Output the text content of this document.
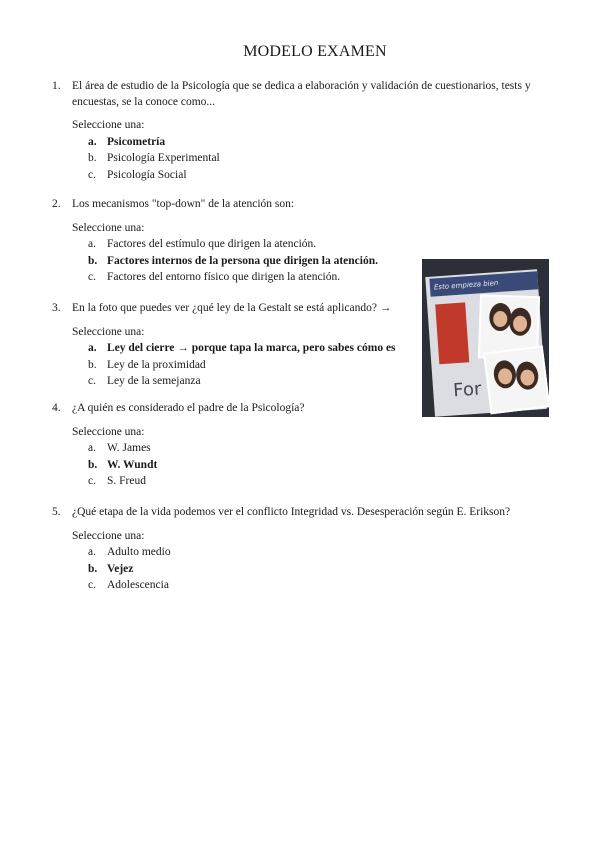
MODELO EXAMEN
1. El área de estudio de la Psicología que se dedica a elaboración y validación de cuestionarios, tests y encuestas, se la conoce como...
Seleccione una:
a. Psicometría
b. Psicología Experimental
c. Psicología Social
2. Los mecanismos "top-down" de la atención son:
Seleccione una:
a. Factores del estímulo que dirigen la atención.
b. Factores internos de la persona que dirigen la atención.
c. Factores del entorno físico que dirigen la atención.
3. En la foto que puedes ver ¿qué ley de la Gestalt se está aplicando? →
Seleccione una:
a. Ley del cierre → porque tapa la marca, pero sabes cómo es
b. Ley de la proximidad
c. Ley de la semejanza
4. ¿A quién es considerado el padre de la Psicología?
Seleccione una:
a. W. James
b. W. Wundt
c. S. Freud
5. ¿Qué etapa de la vida podemos ver el conflicto Integridad vs. Desesperación según E. Erikson?
Seleccione una:
a. Adulto medio
b. Vejez
c. Adolescencia
Esto empieza bien
For
